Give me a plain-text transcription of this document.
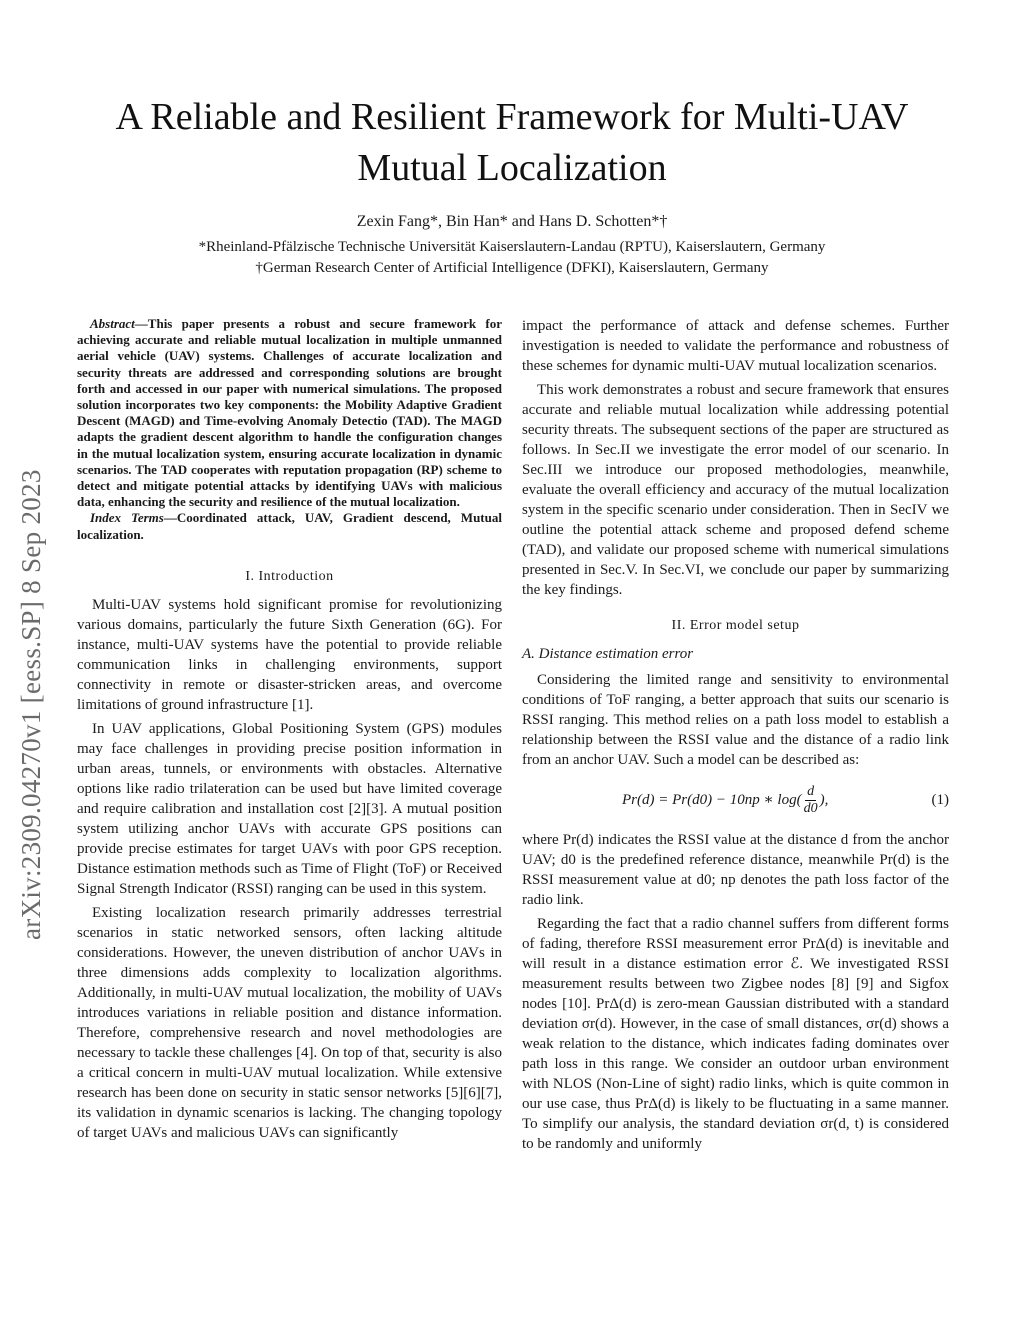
arXiv:2309.04270v1 [eess.SP] 8 Sep 2023
A Reliable and Resilient Framework for Multi-UAV
Mutual Localization
Zexin Fang*, Bin Han* and Hans D. Schotten*†
*Rheinland-Pfälzische Technische Universität Kaiserslautern-Landau (RPTU), Kaiserslautern, Germany
†German Research Center of Artificial Intelligence (DFKI), Kaiserslautern, Germany

Abstract—This paper presents a robust and secure framework for achieving accurate and reliable mutual localization in multiple unmanned aerial vehicle (UAV) systems. Challenges of accurate localization and security threats are addressed and corresponding solutions are brought forth and accessed in our paper with numerical simulations. The proposed solution incorporates two key components: the Mobility Adaptive Gradient Descent (MAGD) and Time-evolving Anomaly Detectio (TAD). The MAGD adapts the gradient descent algorithm to handle the configuration changes in the mutual localization system, ensuring accurate localization in dynamic scenarios. The TAD cooperates with reputation propagation (RP) scheme to detect and mitigate potential attacks by identifying UAVs with malicious data, enhancing the security and resilience of the mutual localization.

Index Terms—Coordinated attack, UAV, Gradient descend, Mutual localization.

I. Introduction

Multi-UAV systems hold significant promise for revolutionizing various domains, particularly the future Sixth Generation (6G). For instance, multi-UAV systems have the potential to provide reliable communication links in challenging environments, support connectivity in remote or disaster-stricken areas, and overcome limitations of ground infrastructure [1].

In UAV applications, Global Positioning System (GPS) modules may face challenges in providing precise position information in urban areas, tunnels, or environments with obstacles. Alternative options like radio trilateration can be used but have limited coverage and require calibration and installation cost [2][3]. A mutual position system utilizing anchor UAVs with accurate GPS positions can provide precise estimates for target UAVs with poor GPS reception. Distance estimation methods such as Time of Flight (ToF) or Received Signal Strength Indicator (RSSI) ranging can be used in this system.

Existing localization research primarily addresses terrestrial scenarios in static networked sensors, often lacking altitude considerations. However, the uneven distribution of anchor UAVs in three dimensions adds complexity to localization algorithms. Additionally, in multi-UAV mutual localization, the mobility of UAVs introduces variations in reliable position and distance information. Therefore, comprehensive research and novel methodologies are necessary to tackle these challenges [4]. On top of that, security is also a critical concern in multi-UAV mutual localization. While extensive research has been done on security in static sensor networks [5][6][7], its validation in dynamic scenarios is lacking. The changing topology of target UAVs and malicious UAVs can significantly

impact the performance of attack and defense schemes. Further investigation is needed to validate the performance and robustness of these schemes for dynamic multi-UAV mutual localization scenarios.

This work demonstrates a robust and secure framework that ensures accurate and reliable mutual localization while addressing potential security threats. The subsequent sections of the paper are structured as follows. In Sec.II we investigate the error model of our scenario. In Sec.III we introduce our proposed methodologies, meanwhile, evaluate the overall efficiency and accuracy of the mutual localization system in the specific scenario under consideration. Then in SecIV we outline the potential attack scheme and proposed defend scheme (TAD), and validate our proposed scheme with numerical simulations presented in Sec.V. In Sec.VI, we conclude our paper by summarizing the key findings.

II. Error model setup
A. Distance estimation error

Considering the limited range and sensitivity to environmental conditions of ToF ranging, a better approach that suits our scenario is RSSI ranging. This method relies on a path loss model to establish a relationship between the RSSI value and the distance of a radio link from an anchor UAV. Such a model can be described as:

Pr(d) = Pr(d0) − 10np ∗ $\log( \frac{d}{d0}$ ),	(1)

where Pr(d) indicates the RSSI value at the distance d from the anchor UAV; d0 is the predefined reference distance, meanwhile Pr(d) is the RSSI measurement value at d0; np denotes the path loss factor of the radio link.

Regarding the fact that a radio channel suffers from different forms of fading, therefore RSSI measurement error PrΔ(d) is inevitable and will result in a distance estimation error ℰ. We investigated RSSI measurement results between two Zigbee nodes [8] [9] and Sigfox nodes [10]. PrΔ(d) is zero-mean Gaussian distributed with a standard deviation σr(d). However, in the case of small distances, σr(d) shows a weak relation to the distance, which indicates fading dominates over path loss in this range. We consider an outdoor urban environment with NLOS (Non-Line of sight) radio links, which is quite common in our use case, thus PrΔ(d) is likely to be fluctuating in a same manner. To simplify our analysis, the standard deviation σr(d, t) is considered to be randomly and uniformly
